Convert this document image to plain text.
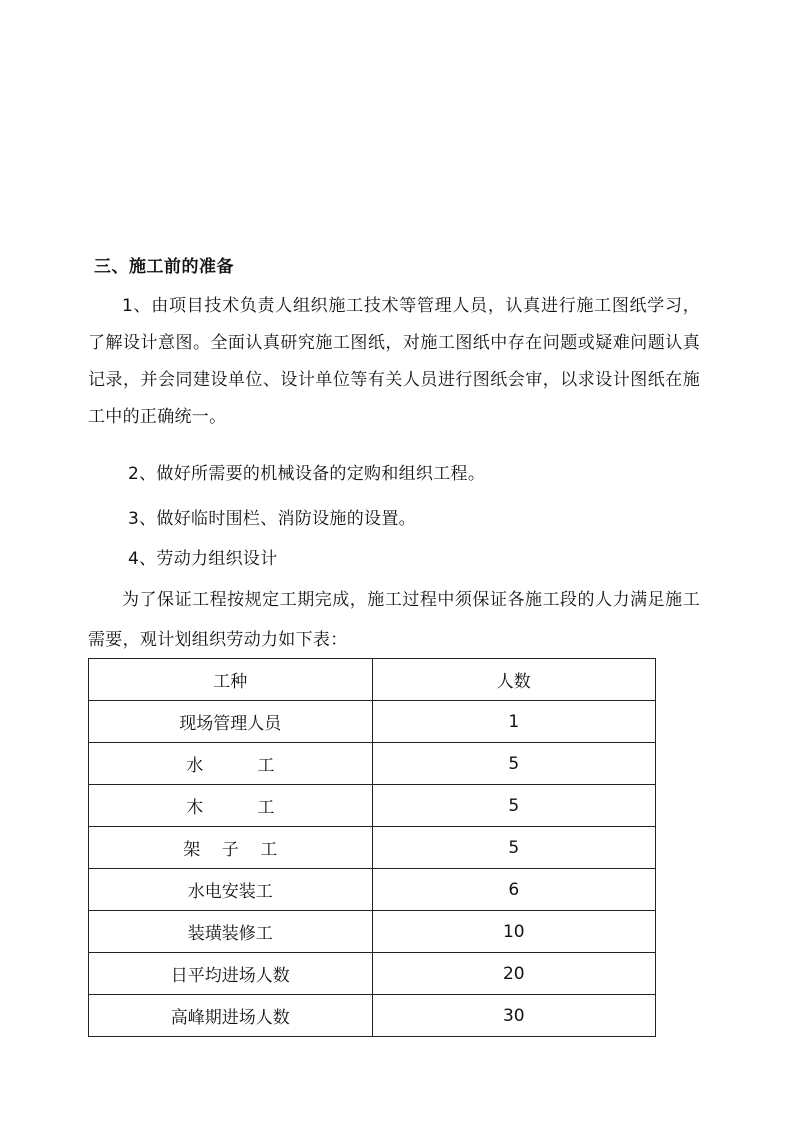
三、施工前的准备
1、由项目技术负责人组织施工技术等管理人员，认真进行施工图纸学习，了解设计意图。全面认真研究施工图纸，对施工图纸中存在问题或疑难问题认真记录，并会同建设单位、设计单位等有关人员进行图纸会审，以求设计图纸在施工中的正确统一。
2、做好所需要的机械设备的定购和组织工程。
3、做好临时围栏、消防设施的设置。
4、劳动力组织设计
为了保证工程按规定工期完成，施工过程中须保证各施工段的人力满足施工需要，观计划组织劳动力如下表：
工种	人数
现场管理人员	1
水          工	5
木          工	5
架    子    工	5
水电安装工	6
装璜装修工	10
日平均进场人数	20
高峰期进场人数	30
